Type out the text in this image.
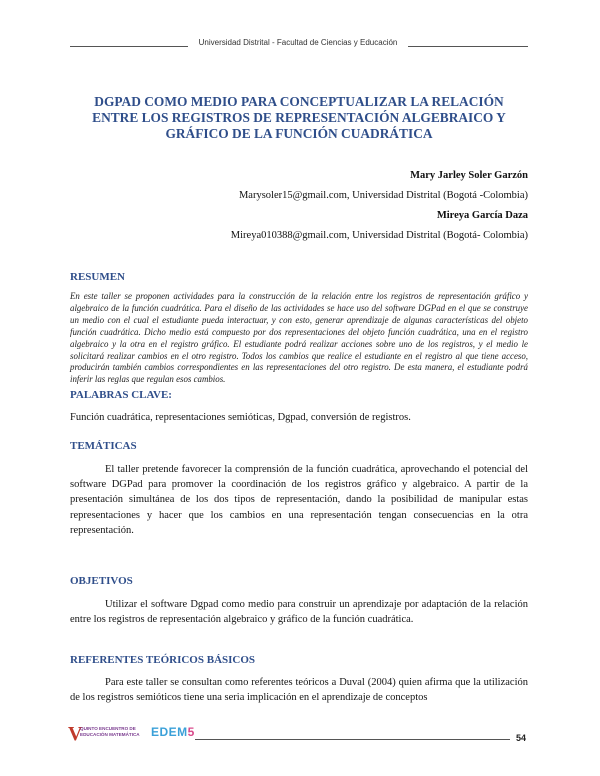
Universidad Distrital - Facultad de Ciencias y Educación
DGPAD COMO MEDIO PARA CONCEPTUALIZAR LA RELACIÓN ENTRE LOS REGISTROS DE REPRESENTACIÓN ALGEBRAICO Y GRÁFICO DE LA FUNCIÓN CUADRÁTICA
Mary Jarley Soler Garzón
Marysoler15@gmail.com, Universidad Distrital (Bogotá -Colombia)
Mireya García Daza
Mireya010388@gmail.com, Universidad Distrital (Bogotá- Colombia)
RESUMEN
En este taller se proponen actividades para la construcción de la relación entre los registros de representación gráfico y algebraico de la función cuadrática. Para el diseño de las actividades se hace uso del software DGPad en el que se construye un medio con el cual el estudiante pueda interactuar, y con esto, generar aprendizaje de algunas características del objeto función cuadrática. Dicho medio está compuesto por dos representaciones del objeto función cuadrática, una en el registro algebraico y la otra en el registro gráfico. El estudiante podrá realizar acciones sobre uno de los registros, y el medio le solicitará realizar cambios en el otro registro. Todos los cambios que realice el estudiante en el registro al que tiene acceso, producirán también cambios correspondientes en las representaciones del otro registro. De esta manera, el estudiante podrá inferir las reglas que regulan esos cambios.
PALABRAS CLAVE:
Función cuadrática, representaciones semióticas, Dgpad, conversión de registros.
TEMÁTICAS
El taller pretende favorecer la comprensión de la función cuadrática, aprovechando el potencial del software DGPad para promover la coordinación de los registros gráfico y algebraico. A partir de la presentación simultánea de los dos tipos de representación, dando la posibilidad de manipular estas representaciones y hacer que los cambios en una representación tengan consecuencias en la otra representación.
OBJETIVOS
Utilizar el software Dgpad como medio para construir un aprendizaje por adaptación de la relación entre los registros de representación algebraico y gráfico de la función cuadrática.
REFERENTES TEÓRICOS BÁSICOS
Para este taller se consultan como referentes teóricos a Duval (2004) quien afirma que la utilización de los registros semióticos tiene una seria implicación en el aprendizaje de conceptos
V
QUINTO ENCUENTRO DE EDUCACIÓN MATEMÁTICA EDEM5	54
